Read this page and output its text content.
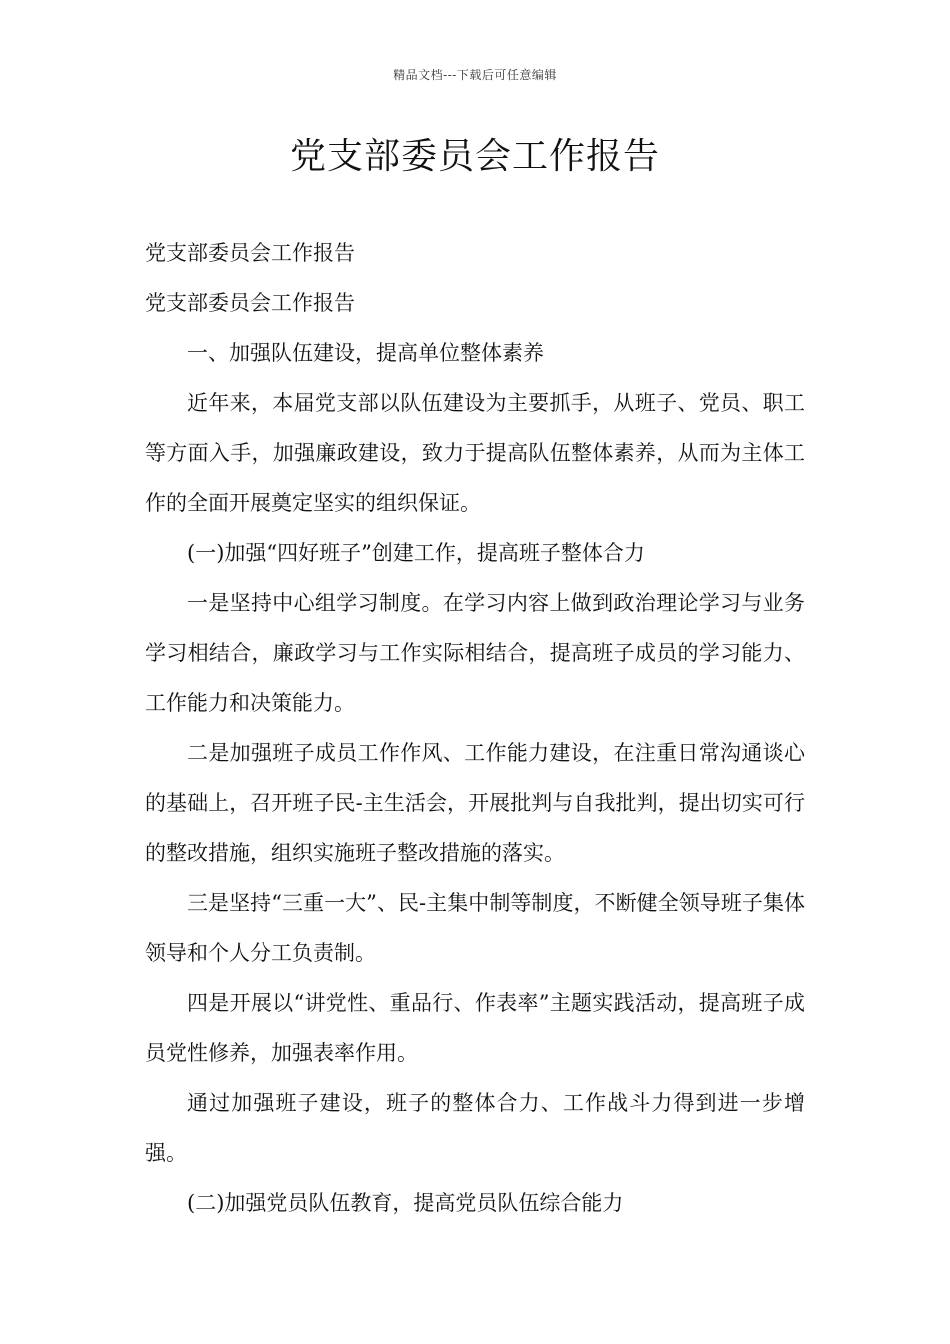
精品文档---下载后可任意编辑
党支部委员会工作报告

党支部委员会工作报告

党支部委员会工作报告

一、加强队伍建设，提高单位整体素养

近年来，本届党支部以队伍建设为主要抓手，从班子、党员、职工等方面入手，加强廉政建设，致力于提高队伍整体素养，从而为主体工作的全面开展奠定坚实的组织保证。

(一)加强“四好班子”创建工作，提高班子整体合力

一是坚持中心组学习制度。在学习内容上做到政治理论学习与业务学习相结合，廉政学习与工作实际相结合，提高班子成员的学习能力、工作能力和决策能力。

二是加强班子成员工作作风、工作能力建设，在注重日常沟通谈心的基础上，召开班子民-主生活会，开展批判与自我批判，提出切实可行的整改措施，组织实施班子整改措施的落实。

三是坚持“三重一大”、民-主集中制等制度，不断健全领导班子集体领导和个人分工负责制。

四是开展以“讲党性、重品行、作表率”主题实践活动，提高班子成员党性修养，加强表率作用。

通过加强班子建设，班子的整体合力、工作战斗力得到进一步增强。

(二)加强党员队伍教育，提高党员队伍综合能力
